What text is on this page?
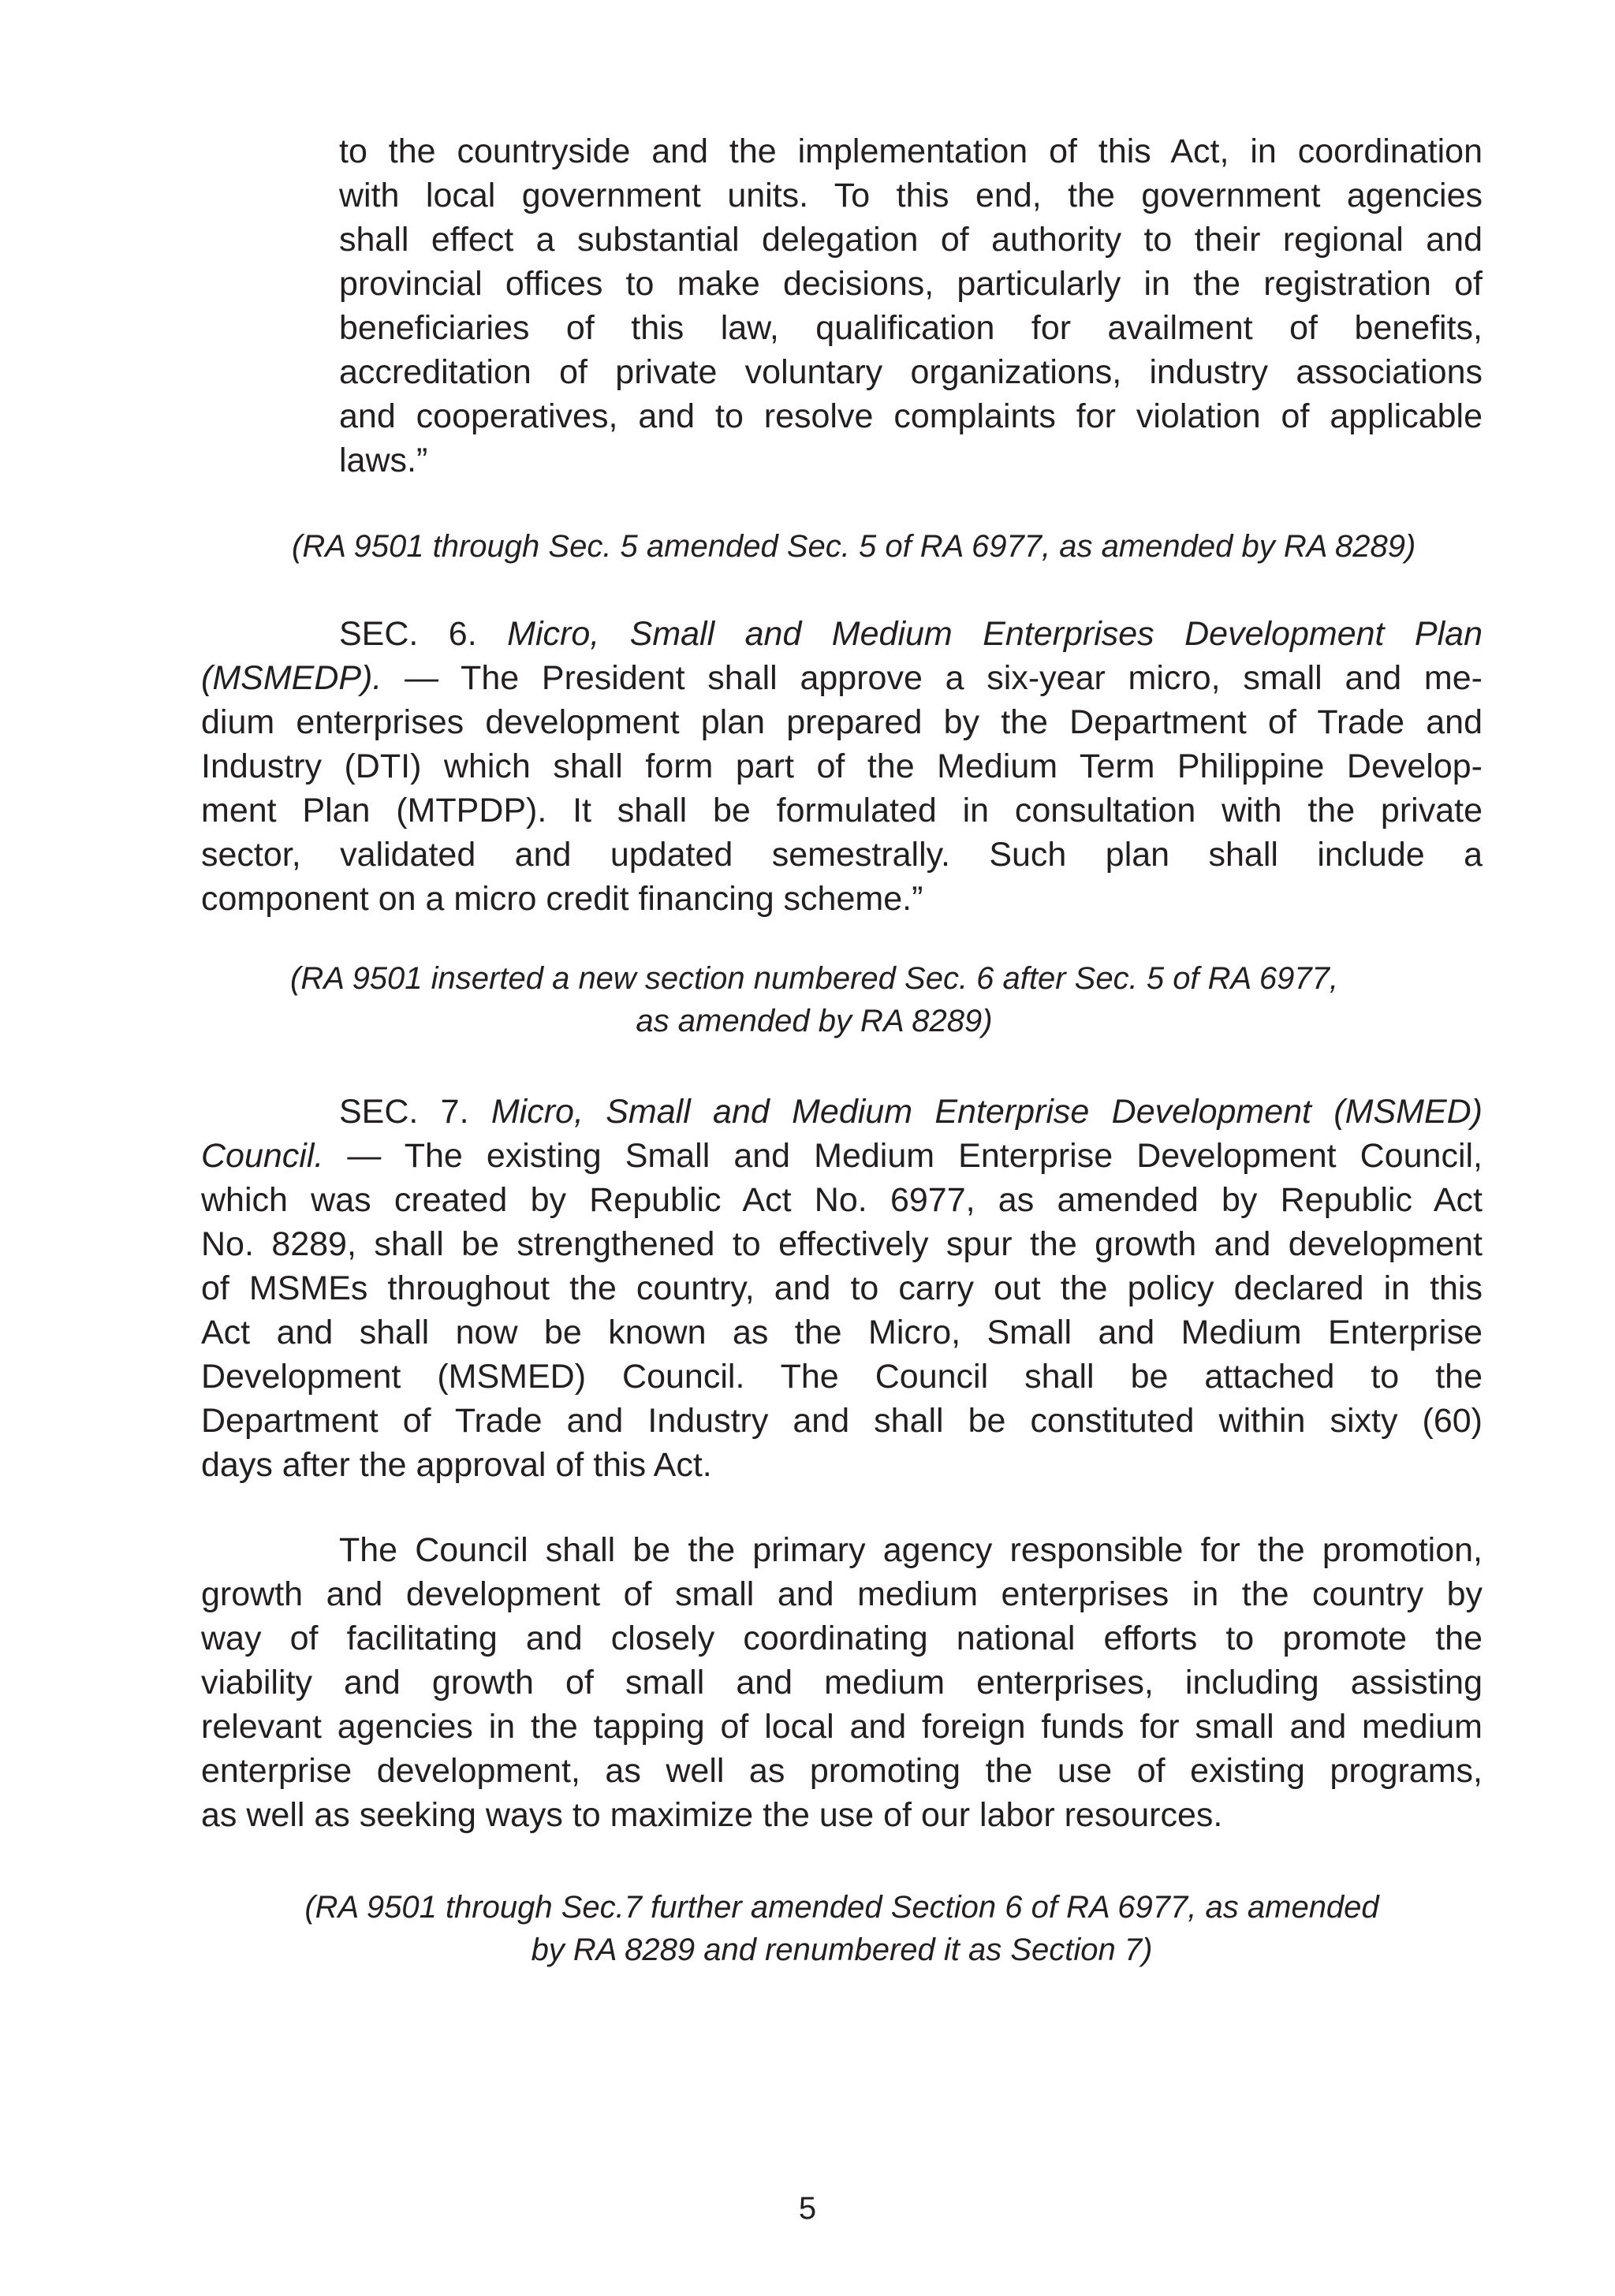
to the countryside and the implementation of this Act, in coordination
with local government units. To this end, the government agencies
shall effect a substantial delegation of authority to their regional and
provincial offices to make decisions, particularly in the registration of
beneficiaries of this law, qualification for availment of benefits,
accreditation of private voluntary organizations, industry associations
and cooperatives, and to resolve complaints for violation of applicable
laws.”
(RA 9501 through Sec. 5 amended Sec. 5 of RA 6977, as amended by RA 8289)
SEC. 6. Micro, Small and Medium Enterprises Development Plan
(MSMEDP). — The President shall approve a six-year micro, small and me-
dium enterprises development plan prepared by the Department of Trade and
Industry (DTI) which shall form part of the Medium Term Philippine Develop-
ment Plan (MTPDP). It shall be formulated in consultation with the private
sector, validated and updated semestrally. Such plan shall include a
component on a micro credit financing scheme.”
(RA 9501 inserted a new section numbered Sec. 6 after Sec. 5 of RA 6977,
as amended by RA 8289)
SEC. 7. Micro, Small and Medium Enterprise Development (MSMED)
Council. — The existing Small and Medium Enterprise Development Council,
which was created by Republic Act No. 6977, as amended by Republic Act
No. 8289, shall be strengthened to effectively spur the growth and development
of MSMEs throughout the country, and to carry out the policy declared in this
Act and shall now be known as the Micro, Small and Medium Enterprise
Development (MSMED) Council. The Council shall be attached to the
Department of Trade and Industry and shall be constituted within sixty (60)
days after the approval of this Act.
The Council shall be the primary agency responsible for the promotion,
growth and development of small and medium enterprises in the country by
way of facilitating and closely coordinating national efforts to promote the
viability and growth of small and medium enterprises, including assisting
relevant agencies in the tapping of local and foreign funds for small and medium
enterprise development, as well as promoting the use of existing programs,
as well as seeking ways to maximize the use of our labor resources.
(RA 9501 through Sec.7 further amended Section 6 of RA 6977, as amended
by RA 8289 and renumbered it as Section 7)
5
